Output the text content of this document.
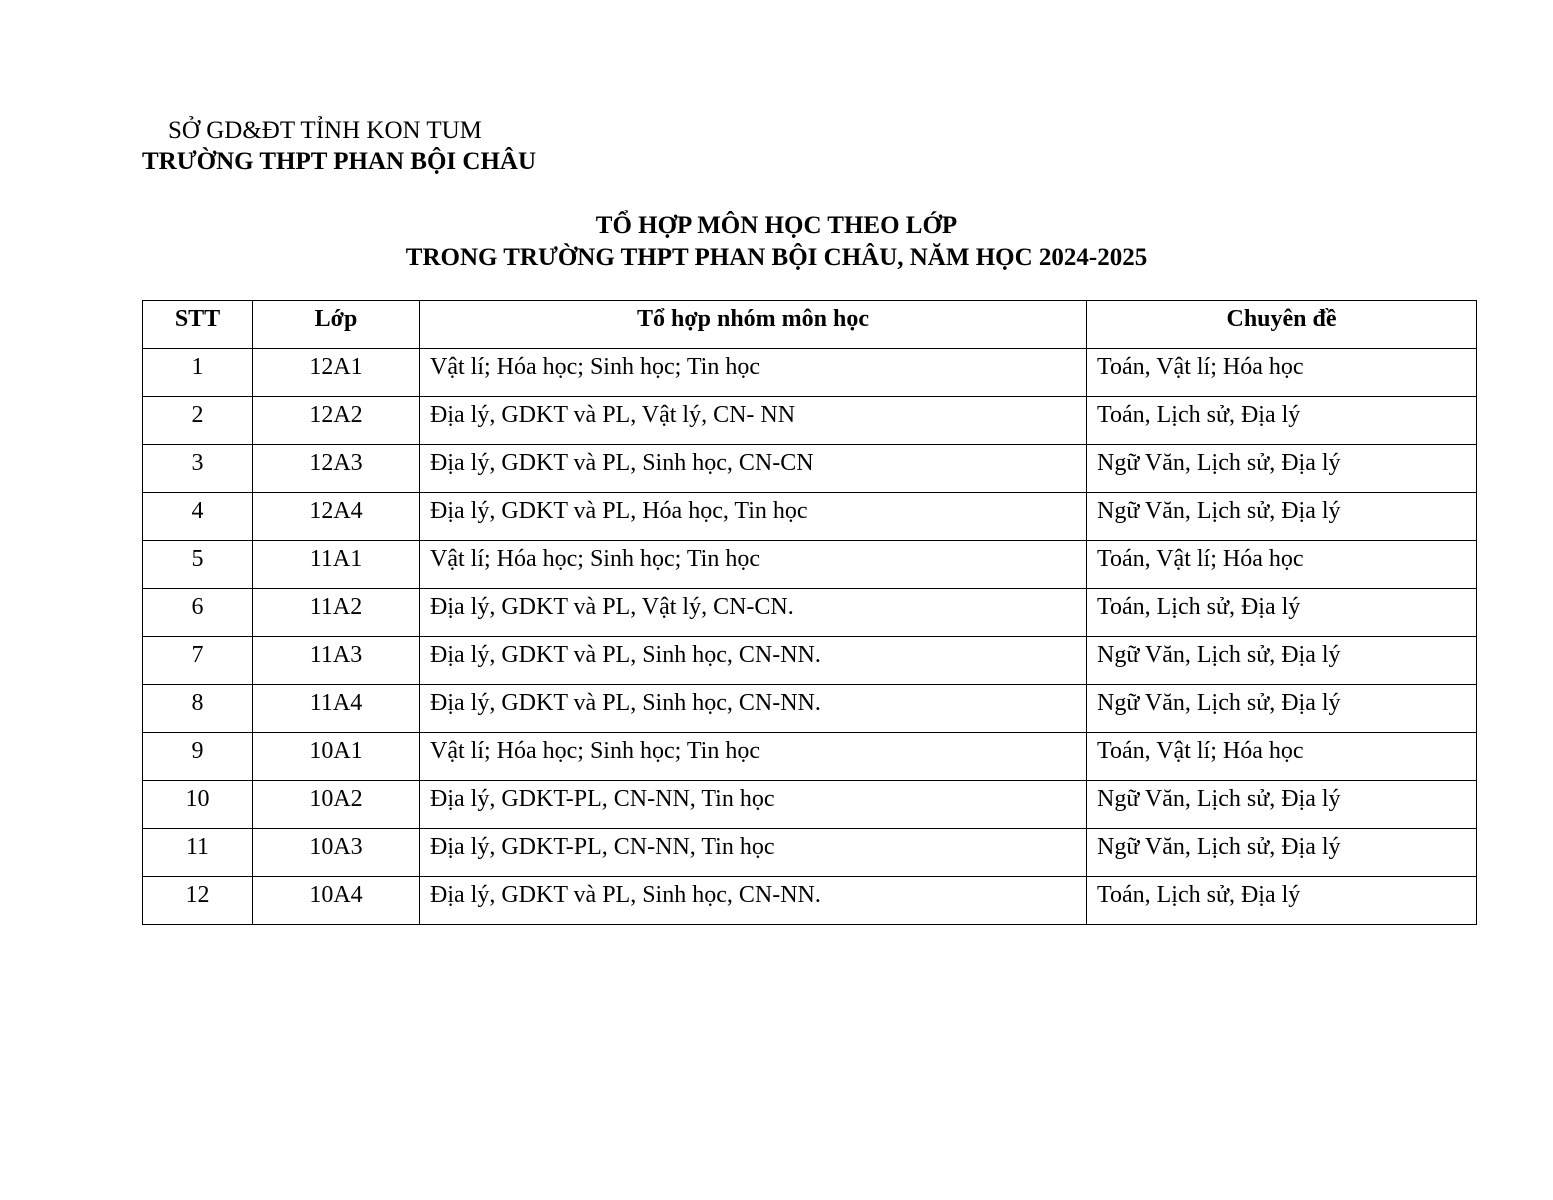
SỞ GD&ĐT TỈNH KON TUM
TRƯỜNG THPT PHAN BỘI CHÂU
TỔ HỢP MÔN HỌC THEO LỚP
TRONG TRƯỜNG THPT PHAN BỘI CHÂU, NĂM HỌC 2024-2025
STT	Lớp	Tổ hợp nhóm môn học	Chuyên đề
1	12A1	Vật lí; Hóa học; Sinh học; Tin học	Toán, Vật lí; Hóa học
2	12A2	Địa lý, GDKT và PL, Vật lý, CN- NN	Toán, Lịch sử, Địa lý
3	12A3	Địa lý, GDKT và PL, Sinh học, CN-CN	Ngữ Văn, Lịch sử, Địa lý
4	12A4	Địa lý, GDKT và PL, Hóa học, Tin học	Ngữ Văn, Lịch sử, Địa lý
5	11A1	Vật lí; Hóa học; Sinh học; Tin học	Toán, Vật lí; Hóa học
6	11A2	Địa lý, GDKT và PL, Vật lý, CN-CN.	Toán, Lịch sử, Địa lý
7	11A3	Địa lý, GDKT và PL, Sinh học, CN-NN.	Ngữ Văn, Lịch sử, Địa lý
8	11A4	Địa lý, GDKT và PL, Sinh học, CN-NN.	Ngữ Văn, Lịch sử, Địa lý
9	10A1	Vật lí; Hóa học; Sinh học; Tin học	Toán, Vật lí; Hóa học
10	10A2	Địa lý, GDKT-PL, CN-NN, Tin học	Ngữ Văn, Lịch sử, Địa lý
11	10A3	Địa lý, GDKT-PL, CN-NN, Tin học	Ngữ Văn, Lịch sử, Địa lý
12	10A4	Địa lý, GDKT và PL, Sinh học, CN-NN.	Toán, Lịch sử, Địa lý
